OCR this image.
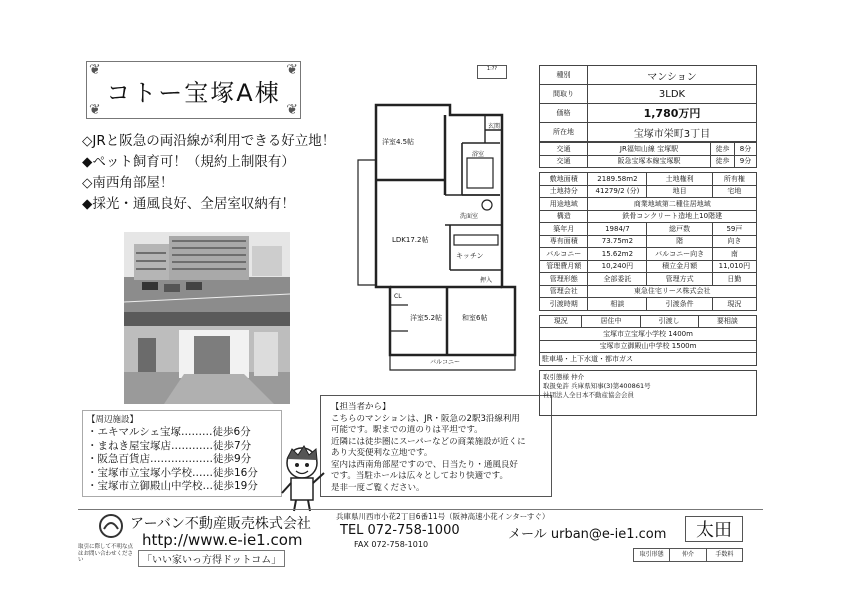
❦	❦
❦	❦
コトー宝塚A棟
◇JRと阪急の両沿線が利用できる好立地！
◆ペット飼育可！（規約上制限有）
◇南西角部屋！
◆採光・通風良好、全居室収納有！
【周辺施設】
・エキマルシェ宝塚………徒歩6分
・まねき屋宝塚店…………徒歩7分
・阪急百貨店………………徒歩9分
・宝塚市立宝塚小学校……徒歩16分
・宝塚市立御殿山中学校…徒歩19分
1:??
洋室4.5帖
LDK17.2帖
洋室5.2帖	和室6帖
キッチン
浴室
洗面室
玄関
CL
押入
バルコニー
【担当者から】
こちらのマンションは、JR・阪急の2駅3沿線利用
可能です。駅までの道のりは平坦です。
近隣には徒歩圏にスーパーなどの商業施設が近くに
あり大変便利な立地です。
室内は西南角部屋ですので、日当たり・通風良好
です。当駐ホールは広々としており快適です。
是非一度ご覧ください。
種別	マンション
間取り	3LDK
価格	1,780万円
所在地	宝塚市栄町3丁目
交通	JR福知山線 宝塚駅	徒歩	8分
交通	阪急宝塚本線宝塚駅	徒歩	9分
敷地面積	2189.58m2	土地権利	所有権
土地持分	41279/2 (分)	地目	宅地
用途地域	商業地域第二種住居地域		
構造	鉄骨コンクリート造地上10階建		
築年月	1984/7	総戸数	59戸
専有面積	73.75m2	階	向き
バルコニー	15.62m2	バルコニー向き	南
管理費月額	10,240円	積立金月額	11,010円
管理形態	全部委託	管理方式	日勤
管理会社	東急住宅リース株式会社		
引渡時期	相談	引渡条件	現況
現況	居住中	引渡し	要相談
宝塚市立宝塚小学校 1400m
宝塚市立御殿山中学校 1500m
駐車場・上下水道・都市ガス
取引態様 仲介
取扱免許 兵庫県知事(3)第400861号
社団法人全日本不動産協会会員
取引に際して不明な点はお問い合わせください
アーバン不動産販売株式会社
http://www.e-ie1.com
「いい家いっ方得ドットコム」
兵庫県川西市小花2丁目6番11号（阪神高速小花インターすぐ）
TEL 072-758-1000
FAX 072-758-1010
メール urban@e-ie1.com	太田
取引形態	仲介	手数料
